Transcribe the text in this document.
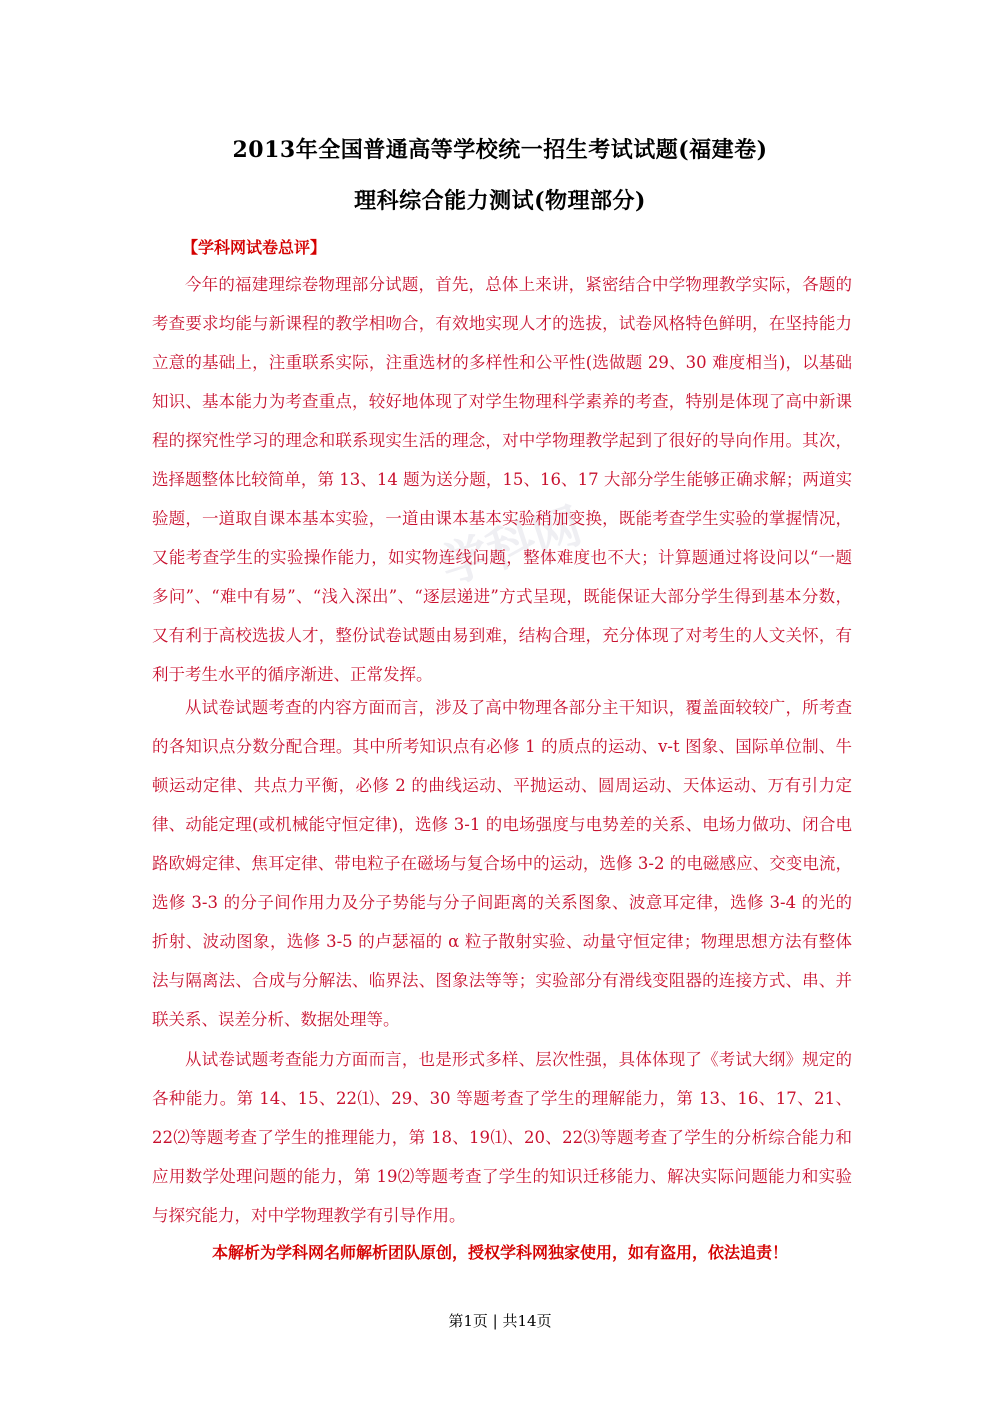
学科网
2013年全国普通高等学校统一招生考试试题(福建卷)
理科综合能力测试(物理部分)
【学科网试卷总评】

今年的福建理综卷物理部分试题，首先，总体上来讲，紧密结合中学物理教学实际，各题的考查要求均能与新课程的教学相吻合，有效地实现人才的选拔，试卷风格特色鲜明，在坚持能力立意的基础上，注重联系实际，注重选材的多样性和公平性(选做题 29、30 难度相当)，以基础知识、基本能力为考查重点，较好地体现了对学生物理科学素养的考查，特别是体现了高中新课程的探究性学习的理念和联系现实生活的理念，对中学物理教学起到了很好的导向作用。其次，选择题整体比较简单，第 13、14 题为送分题，15、16、17 大部分学生能够正确求解；两道实验题，一道取自课本基本实验，一道由课本基本实验稍加变换，既能考查学生实验的掌握情况，又能考查学生的实验操作能力，如实物连线问题，整体难度也不大；计算题通过将设问以“一题多问”、“难中有易”、“浅入深出”、“逐层递进”方式呈现，既能保证大部分学生得到基本分数，又有利于高校选拔人才，整份试卷试题由易到难，结构合理，充分体现了对考生的人文关怀，有利于考生水平的循序渐进、正常发挥。

从试卷试题考查的内容方面而言，涉及了高中物理各部分主干知识，覆盖面较较广，所考查的各知识点分数分配合理。其中所考知识点有必修 1 的质点的运动、v-t 图象、国际单位制、牛顿运动定律、共点力平衡，必修 2 的曲线运动、平抛运动、圆周运动、天体运动、万有引力定律、动能定理(或机械能守恒定律)，选修 3-1 的电场强度与电势差的关系、电场力做功、闭合电路欧姆定律、焦耳定律、带电粒子在磁场与复合场中的运动，选修 3-2 的电磁感应、交变电流，选修 3-3 的分子间作用力及分子势能与分子间距离的关系图象、波意耳定律，选修 3-4 的光的折射、波动图象，选修 3-5 的卢瑟福的 α 粒子散射实验、动量守恒定律；物理思想方法有整体法与隔离法、合成与分解法、临界法、图象法等等；实验部分有滑线变阻器的连接方式、串、并联关系、误差分析、数据处理等。

从试卷试题考查能力方面而言，也是形式多样、层次性强，具体体现了《考试大纲》规定的各种能力。第 14、15、22⑴、29、30 等题考查了学生的理解能力，第 13、16、17、21、22⑵等题考查了学生的推理能力，第 18、19⑴、20、22⑶等题考查了学生的分析综合能力和应用数学处理问题的能力，第 19⑵等题考查了学生的知识迁移能力、解决实际问题能力和实验与探究能力，对中学物理教学有引导作用。

本解析为学科网名师解析团队原创，授权学科网独家使用，如有盗用，依法追责！
第1页 | 共14页
